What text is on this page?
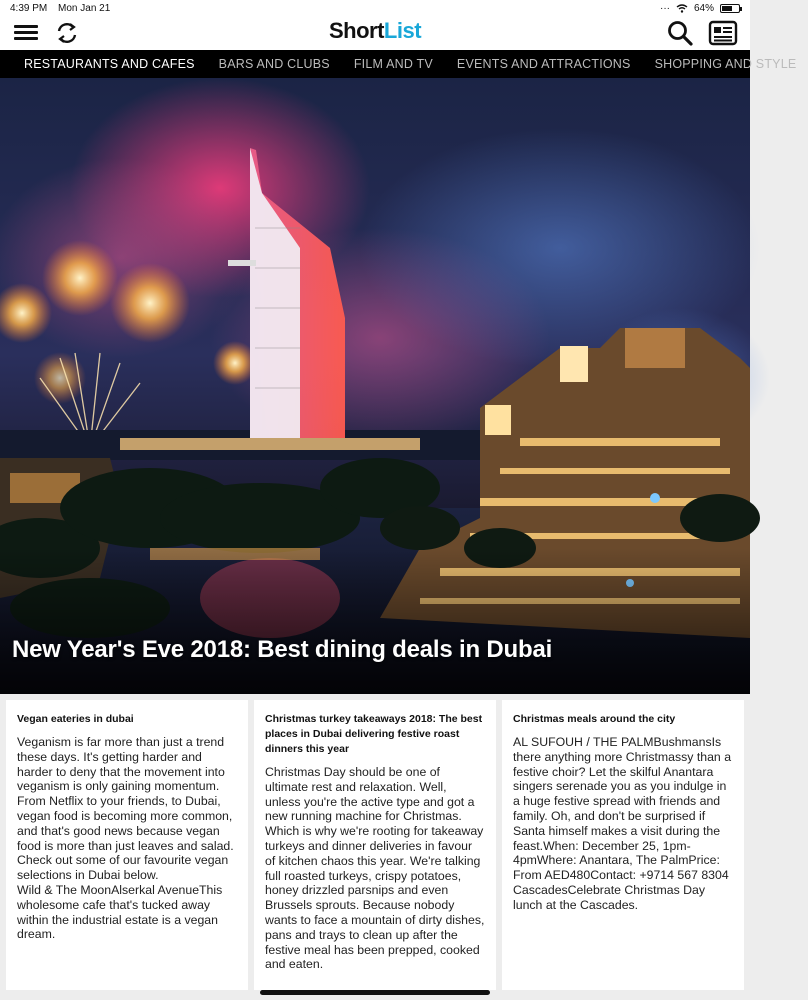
4:39 PM Mon Jan 21	··· 64%
ShortList
RESTAURANTS AND CAFES	BARS AND CLUBS	FILM AND TV	EVENTS AND ATTRACTIONS	SHOPPING AND STYLE
New Year's Eve 2018: Best dining deals in Dubai
Vegan eateries in dubai

Veganism is far more than just a trend these days. It's getting harder and harder to deny that the movement into veganism is only gaining momentum. From Netflix to your friends, to Dubai, vegan food is becoming more common, and that's good news because vegan food is more than just leaves and salad.
Check out some of our favourite vegan selections in Dubai below.
Wild & The MoonAlserkal AvenueThis wholesome cafe that's tucked away within the industrial estate is a vegan dream.

Christmas turkey takeaways 2018: The best places in Dubai delivering festive roast dinners this year

Christmas Day should be one of ultimate rest and relaxation. Well, unless you're the active type and got a new running machine for Christmas. Which is why we're rooting for takeaway turkeys and dinner deliveries in favour of kitchen chaos this year. We're talking full roasted turkeys, crispy potatoes, honey drizzled parsnips and even Brussels sprouts. Because nobody wants to face a mountain of dirty dishes, pans and trays to clean up after the festive meal has been prepped, cooked and eaten.

Christmas meals around the city

AL SUFOUH / THE PALMBushmansIs there anything more Christmassy than a festive choir? Let the skilful Anantara singers serenade you as you indulge in a huge festive spread with friends and family. Oh, and don't be surprised if Santa himself makes a visit during the feast.When: December 25, 1pm-4pmWhere: Anantara, The PalmPrice: From AED480Contact: +9714 567 8304
CascadesCelebrate Christmas Day lunch at the Cascades.
